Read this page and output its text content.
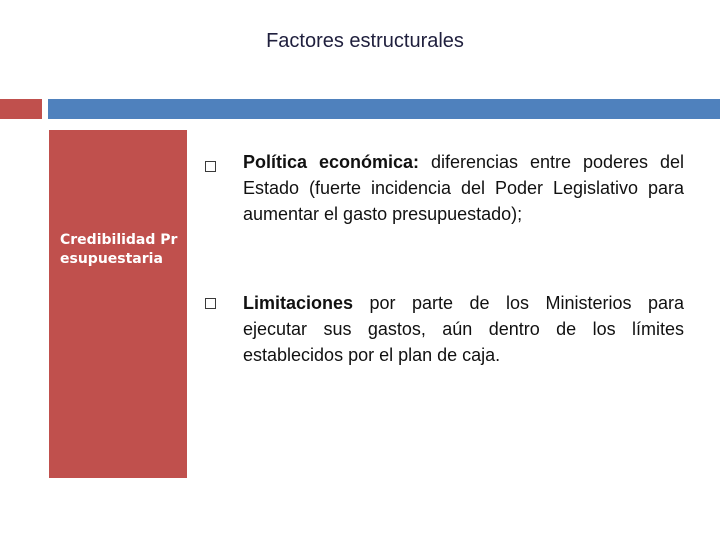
Factores estructurales
Credibilidad Presupuestaria
Política económica: diferencias entre poderes del Estado (fuerte incidencia del Poder Legislativo para aumentar el gasto presupuestado);
Limitaciones por parte de los Ministerios para ejecutar sus gastos, aún dentro de los límites establecidos por el plan de caja.
